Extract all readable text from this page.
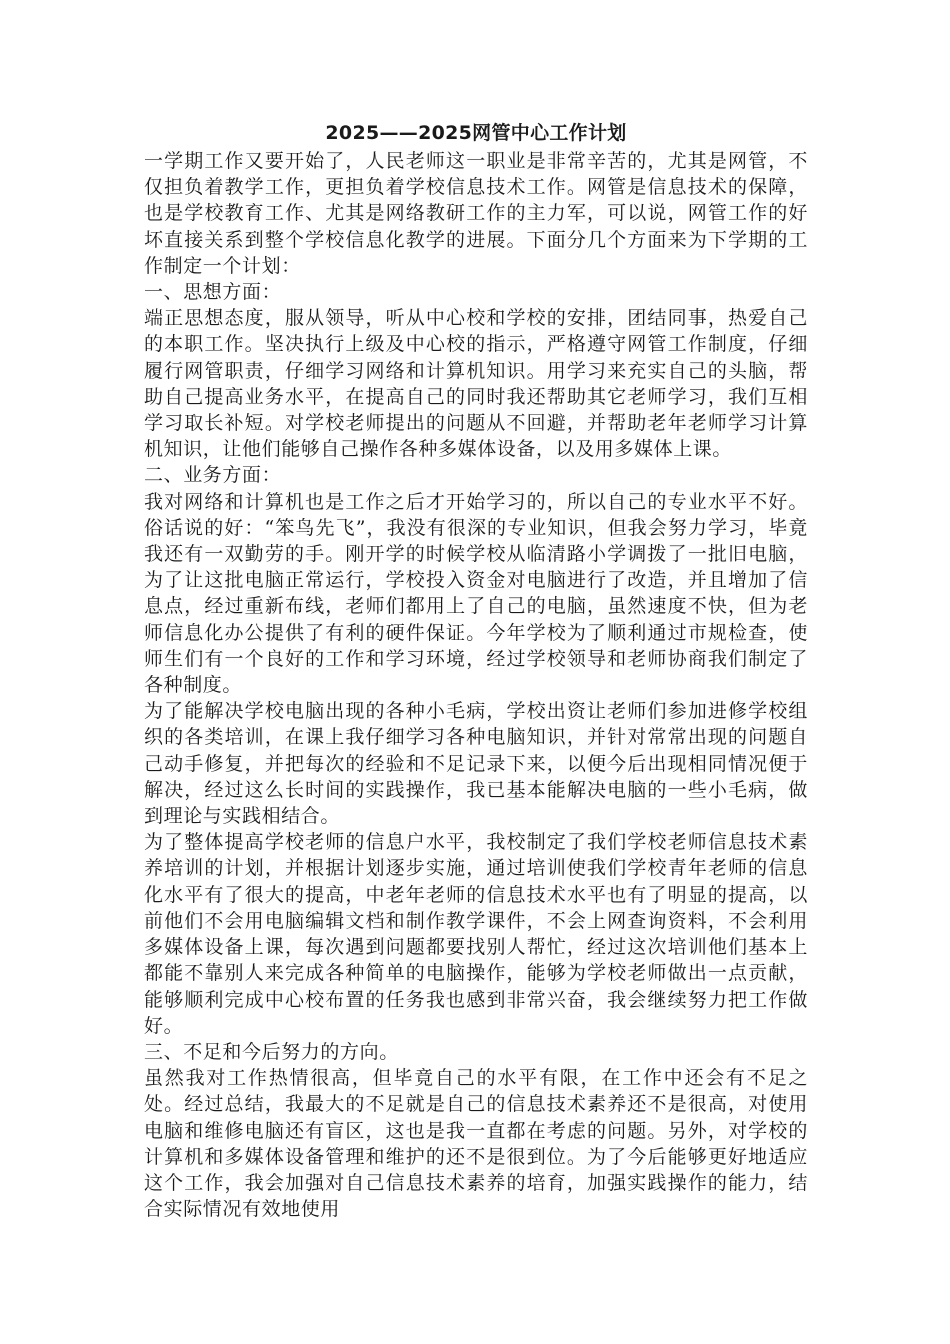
2025——2025网管中心工作计划

一学期工作又要开始了，人民老师这一职业是非常辛苦的，尤其是网管，不仅担负着教学工作，更担负着学校信息技术工作。网管是信息技术的保障，也是学校教育工作、尤其是网络教研工作的主力军，可以说，网管工作的好坏直接关系到整个学校信息化教学的进展。下面分几个方面来为下学期的工作制定一个计划：

一、思想方面：

端正思想态度，服从领导，听从中心校和学校的安排，团结同事，热爱自己的本职工作。坚决执行上级及中心校的指示，严格遵守网管工作制度，仔细履行网管职责，仔细学习网络和计算机知识。用学习来充实自己的头脑，帮助自己提高业务水平，在提高自己的同时我还帮助其它老师学习，我们互相学习取长补短。对学校老师提出的问题从不回避，并帮助老年老师学习计算机知识，让他们能够自己操作各种多媒体设备，以及用多媒体上课。

二、业务方面：

我对网络和计算机也是工作之后才开始学习的，所以自己的专业水平不好。俗话说的好：“笨鸟先飞”，我没有很深的专业知识，但我会努力学习，毕竟我还有一双勤劳的手。刚开学的时候学校从临清路小学调拨了一批旧电脑，为了让这批电脑正常运行，学校投入资金对电脑进行了改造，并且增加了信息点，经过重新布线，老师们都用上了自己的电脑，虽然速度不快，但为老师信息化办公提供了有利的硬件保证。今年学校为了顺利通过市规检查，使师生们有一个良好的工作和学习环境，经过学校领导和老师协商我们制定了各种制度。

为了能解决学校电脑出现的各种小毛病，学校出资让老师们参加进修学校组织的各类培训，在课上我仔细学习各种电脑知识，并针对常常出现的问题自己动手修复，并把每次的经验和不足记录下来，以便今后出现相同情况便于解决，经过这么长时间的实践操作，我已基本能解决电脑的一些小毛病，做到理论与实践相结合。

为了整体提高学校老师的信息户水平，我校制定了我们学校老师信息技术素养培训的计划，并根据计划逐步实施，通过培训使我们学校青年老师的信息化水平有了很大的提高，中老年老师的信息技术水平也有了明显的提高，以前他们不会用电脑编辑文档和制作教学课件，不会上网查询资料，不会利用多媒体设备上课，每次遇到问题都要找别人帮忙，经过这次培训他们基本上都能不靠别人来完成各种简单的电脑操作，能够为学校老师做出一点贡献，能够顺利完成中心校布置的任务我也感到非常兴奋，我会继续努力把工作做好。

三、不足和今后努力的方向。

虽然我对工作热情很高，但毕竟自己的水平有限，在工作中还会有不足之处。经过总结，我最大的不足就是自己的信息技术素养还不是很高，对使用电脑和维修电脑还有盲区，这也是我一直都在考虑的问题。另外，对学校的计算机和多媒体设备管理和维护的还不是很到位。为了今后能够更好地适应这个工作，我会加强对自己信息技术素养的培育，加强实践操作的能力，结合实际情况有效地使用
